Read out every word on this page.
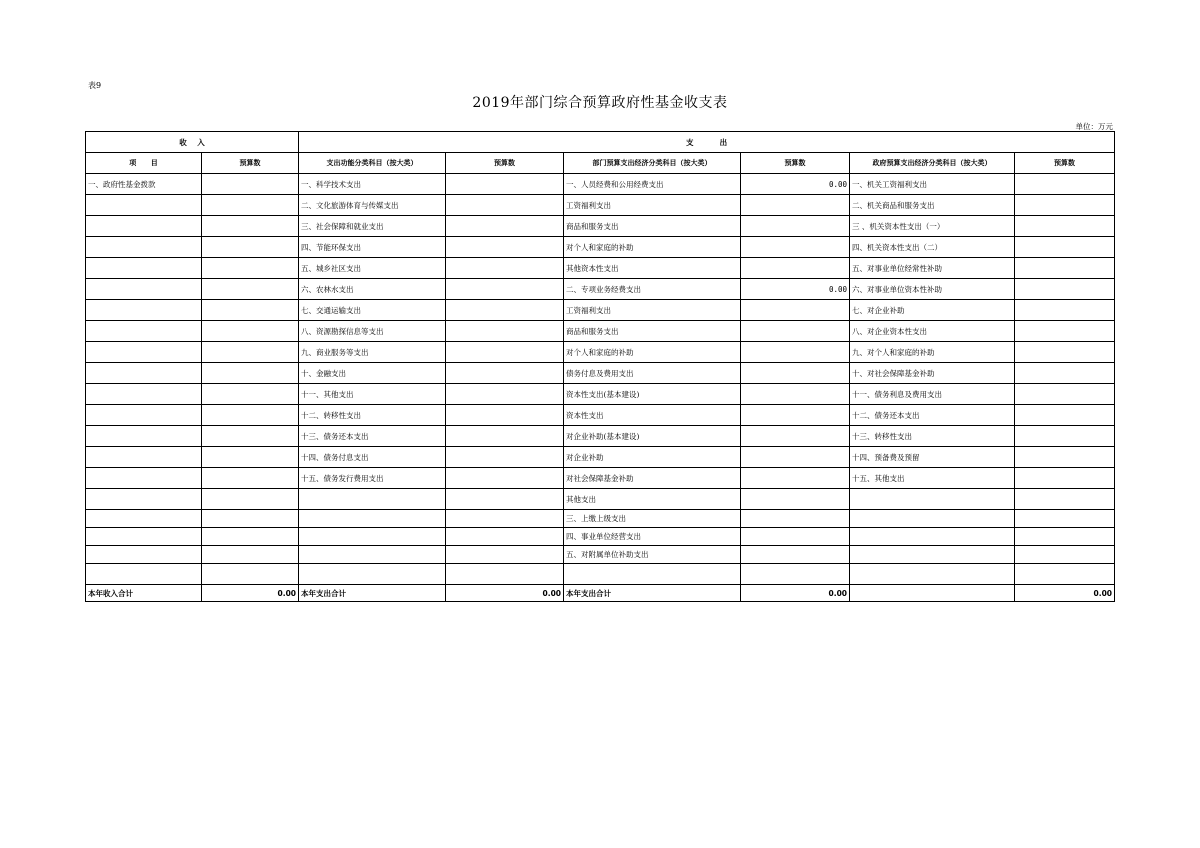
表9
2019年部门综合预算政府性基金收支表
单位：万元
收    入		支          出					
项      目	预算数	支出功能分类科目（按大类）	预算数	部门预算支出经济分类科目（按大类）	预算数	政府预算支出经济分类科目（按大类）	预算数
一、政府性基金拨款		一、科学技术支出		一、人员经费和公用经费支出	0.00	一、机关工资福利支出	
		二、文化旅游体育与传媒支出		工资福利支出		二、机关商品和服务支出	
		三、社会保障和就业支出		商品和服务支出		三 、机关资本性支出（一）	
		四、节能环保支出		对个人和家庭的补助		四、机关资本性支出（二）	
		五、城乡社区支出		其他资本性支出		五、对事业单位经常性补助	
		六、农林水支出		二、专项业务经费支出	0.00	六、对事业单位资本性补助	
		七、交通运输支出		工资福利支出		七、对企业补助	
		八、资源勘探信息等支出		商品和服务支出		八、对企业资本性支出	
		九、商业服务等支出		对个人和家庭的补助		九、对个人和家庭的补助	
		十、金融支出		债务付息及费用支出		十、对社会保障基金补助	
		十一、其他支出		资本性支出(基本建设)		十一、债务利息及费用支出	
		十二、转移性支出		资本性支出		十二、债务还本支出	
		十三、债务还本支出		对企业补助(基本建设)		十三、转移性支出	
		十四、债务付息支出		对企业补助		十四、预备费及预留	
		十五、债务发行费用支出		对社会保障基金补助		十五、其他支出	
				其他支出			
				三、上缴上级支出			
				四、事业单位经营支出			
				五、对附属单位补助支出			

本年收入合计	0.00	本年支出合计	0.00	本年支出合计	0.00		0.00
